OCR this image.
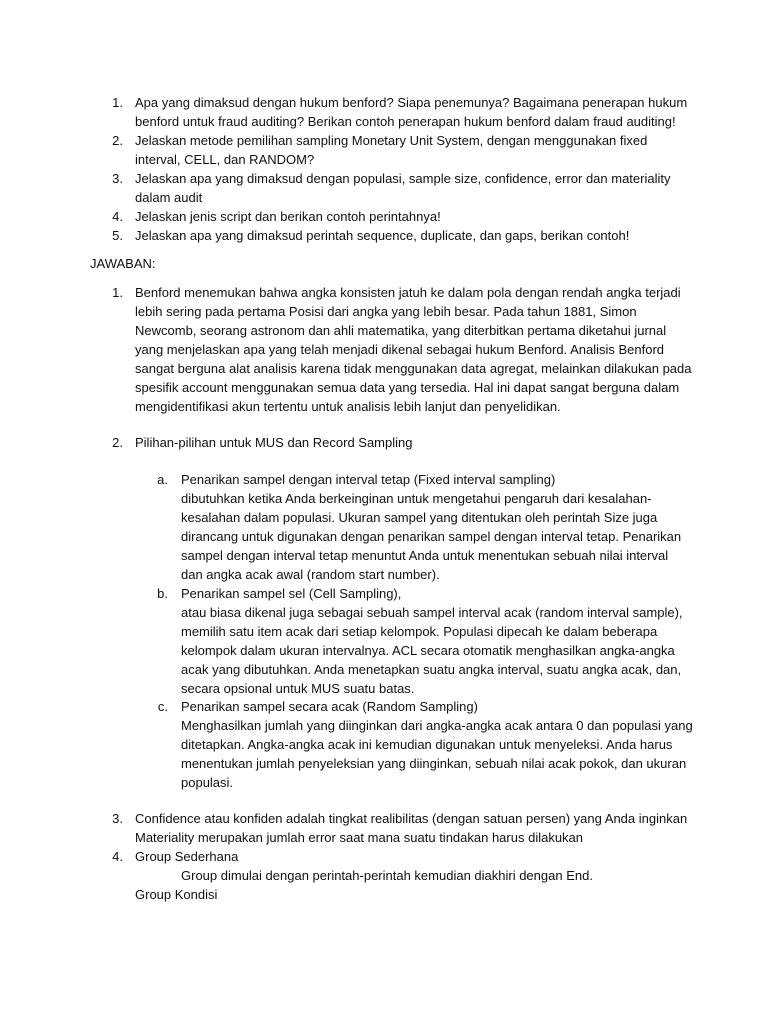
1. Apa yang dimaksud dengan hukum benford? Siapa penemunya? Bagaimana penerapan hukum
benford untuk fraud auditing? Berikan contoh penerapan hukum benford dalam fraud auditing!
2. Jelaskan metode pemilihan sampling Monetary Unit System, dengan menggunakan fixed
interval, CELL, dan RANDOM?
3. Jelaskan apa yang dimaksud dengan populasi, sample size, confidence, error dan materiality
dalam audit
4. Jelaskan jenis script dan berikan contoh perintahnya!
5. Jelaskan apa yang dimaksud perintah sequence, duplicate, dan gaps, berikan contoh!
JAWABAN:
1. Benford menemukan bahwa angka konsisten jatuh ke dalam pola dengan rendah angka terjadi
lebih sering pada pertama Posisi dari angka yang lebih besar. Pada tahun 1881, Simon
Newcomb, seorang astronom dan ahli matematika, yang diterbitkan pertama diketahui jurnal
yang menjelaskan apa yang telah menjadi dikenal sebagai hukum Benford. Analisis Benford
sangat berguna alat analisis karena tidak menggunakan data agregat, melainkan dilakukan pada
spesifik account menggunakan semua data yang tersedia. Hal ini dapat sangat berguna dalam
mengidentifikasi akun tertentu untuk analisis lebih lanjut dan penyelidikan.
2. Pilihan-pilihan untuk MUS dan Record Sampling
a. Penarikan sampel dengan interval tetap (Fixed interval sampling)
dibutuhkan ketika Anda berkeinginan untuk mengetahui pengaruh dari kesalahan-
kesalahan dalam populasi. Ukuran sampel yang ditentukan oleh perintah Size juga
dirancang untuk digunakan dengan penarikan sampel dengan interval tetap. Penarikan
sampel dengan interval tetap menuntut Anda untuk menentukan sebuah nilai interval
dan angka acak awal (random start number).
b. Penarikan sampel sel (Cell Sampling),
atau biasa dikenal juga sebagai sebuah sampel interval acak (random interval sample),
memilih satu item acak dari setiap kelompok. Populasi dipecah ke dalam beberapa
kelompok dalam ukuran intervalnya. ACL secara otomatik menghasilkan angka-angka
acak yang dibutuhkan. Anda menetapkan suatu angka interval, suatu angka acak, dan,
secara opsional untuk MUS suatu batas.
c. Penarikan sampel secara acak (Random Sampling)
Menghasilkan jumlah yang diinginkan dari angka-angka acak antara 0 dan populasi yang
ditetapkan. Angka-angka acak ini kemudian digunakan untuk menyeleksi. Anda harus
menentukan jumlah penyeleksian yang diinginkan, sebuah nilai acak pokok, dan ukuran
populasi.
3. Confidence atau konfiden adalah tingkat realibilitas (dengan satuan persen) yang Anda inginkan
Materiality merupakan jumlah error saat mana suatu tindakan harus dilakukan
4. Group Sederhana
Group dimulai dengan perintah-perintah kemudian diakhiri dengan End.
Group Kondisi
